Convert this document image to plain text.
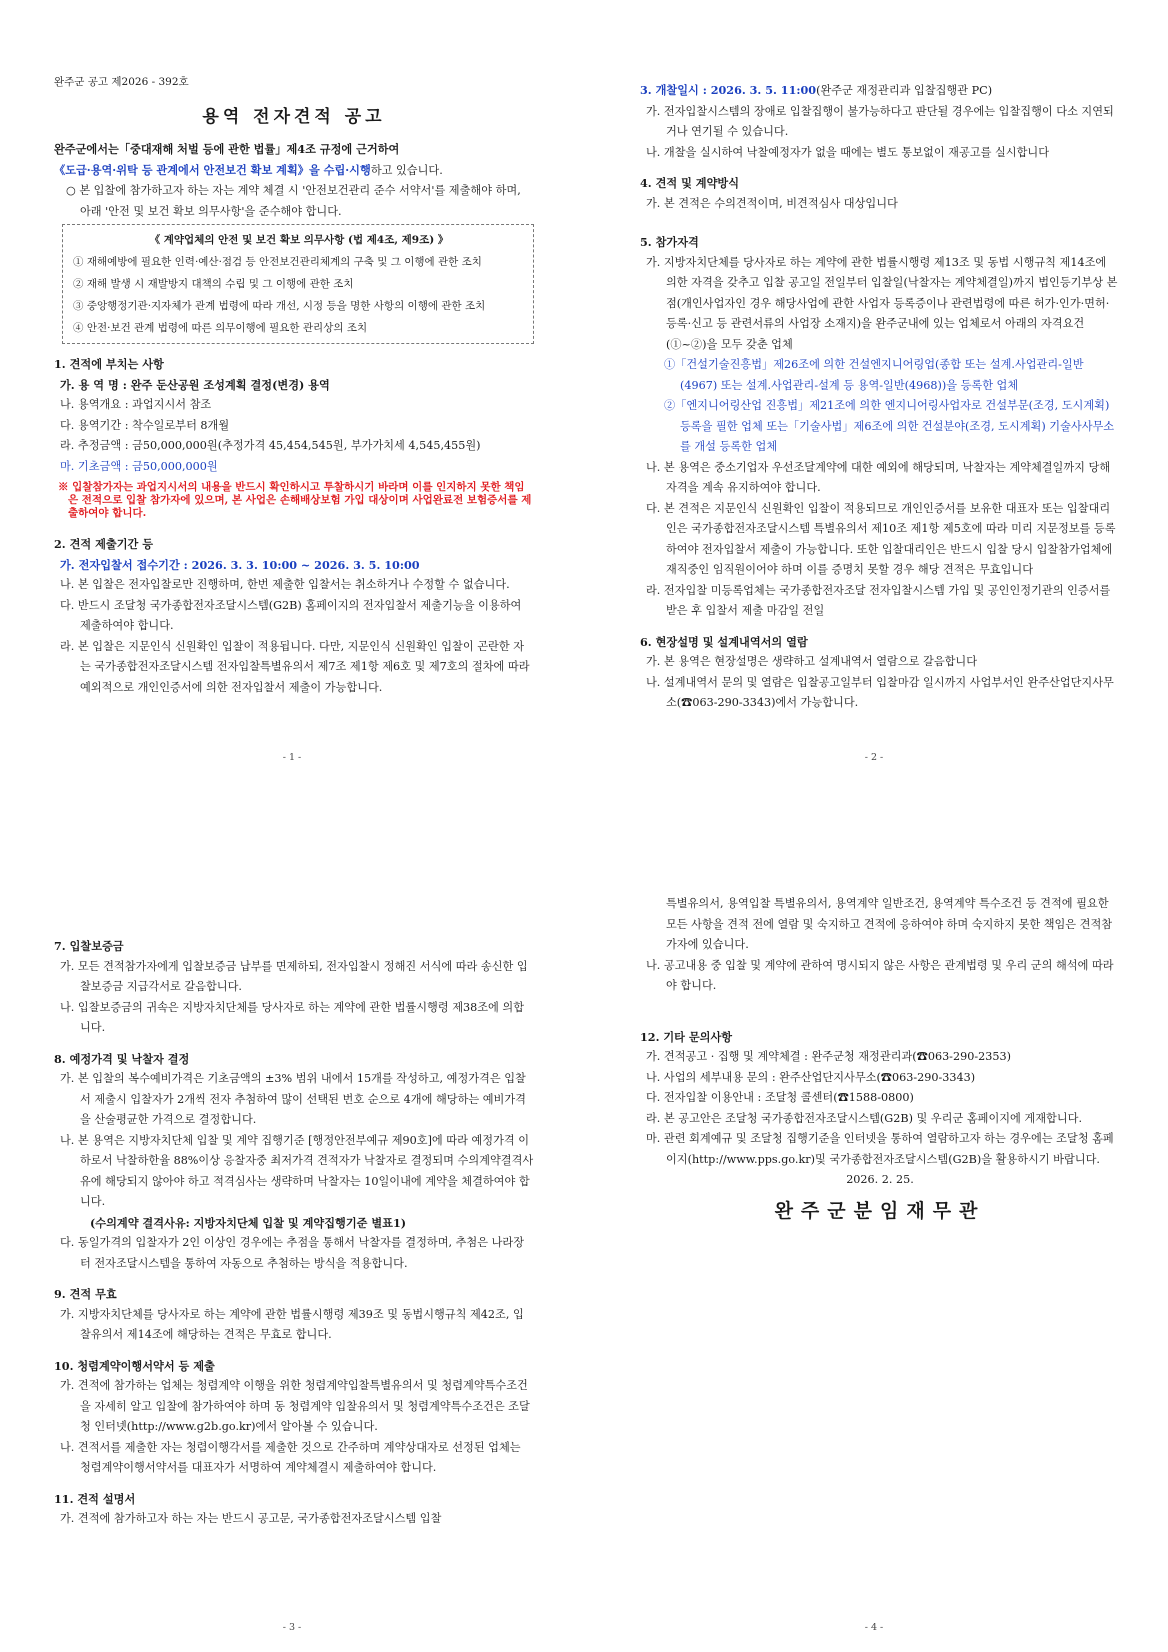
완주군 공고 제2026 - 392호

용역 전자견적 공고

완주군에서는「중대재해 처벌 등에 관한 법률」제4조 규정에 근거하여

《도급·용역·위탁 등 관계에서 안전보건 확보 계획》을 수립·시행하고 있습니다.

○ 본 입찰에 참가하고자 하는 자는 계약 체결 시 '안전보건관리 준수 서약서'를 제출해야 하며, 아래 '안전 및 보건 확보 의무사항'을 준수해야 합니다.

《 계약업체의 안전 및 보건 확보 의무사항 (법 제4조, 제9조) 》
① 재해예방에 필요한 인력·예산·점검 등 안전보건관리체계의 구축 및 그 이행에 관한 조치
② 재해 발생 시 재발방지 대책의 수립 및 그 이행에 관한 조치
③ 중앙행정기관·지자체가 관계 법령에 따라 개선, 시정 등을 명한 사항의 이행에 관한 조치
④ 안전·보건 관계 법령에 따른 의무이행에 필요한 관리상의 조치

1. 견적에 부치는 사항

가. 용 역 명 : 완주 둔산공원 조성계획 결정(변경) 용역

나. 용역개요 : 과업지시서 참조

다. 용역기간 : 착수일로부터 8개월

라. 추정금액 : 금50,000,000원(추정가격 45,454,545원, 부가가치세 4,545,455원)

마. 기초금액 : 금50,000,000원

※ 입찰참가자는 과업지시서의 내용을 반드시 확인하시고 투찰하시기 바라며 이를 인지하지 못한 책임은 전적으로 입찰 참가자에 있으며, 본 사업은 손해배상보험 가입 대상이며 사업완료전 보험증서를 제출하여야 합니다.

2. 견적 제출기간 등

가. 전자입찰서 접수기간 : 2026. 3. 3. 10:00 ~ 2026. 3. 5. 10:00

나. 본 입찰은 전자입찰로만 진행하며, 한번 제출한 입찰서는 취소하거나 수정할 수 없습니다.

다. 반드시 조달청 국가종합전자조달시스템(G2B) 홈페이지의 전자입찰서 제출기능을 이용하여 제출하여야 합니다.

라. 본 입찰은 지문인식 신원확인 입찰이 적용됩니다. 다만, 지문인식 신원확인 입찰이 곤란한 자는 국가종합전자조달시스템 전자입찰특별유의서 제7조 제1항 제6호 및 제7호의 절차에 따라 예외적으로 개인인증서에 의한 전자입찰서 제출이 가능합니다.

- 1 -

3. 개찰일시 : 2026. 3. 5. 11:00(완주군 재정관리과 입찰집행관 PC)

가. 전자입찰시스템의 장애로 입찰집행이 불가능하다고 판단될 경우에는 입찰집행이 다소 지연되거나 연기될 수 있습니다.

나. 개찰을 실시하여 낙찰예정자가 없을 때에는 별도 통보없이 재공고를 실시합니다

4. 견적 및 계약방식

가. 본 견적은 수의견적이며, 비견적심사 대상입니다

5. 참가자격

가. 지방자치단체를 당사자로 하는 계약에 관한 법률시행령 제13조 및 동법 시행규칙 제14조에 의한 자격을 갖추고 입찰 공고일 전일부터 입찰일(낙찰자는 계약체결일)까지 법인등기부상 본점(개인사업자인 경우 해당사업에 관한 사업자 등록증이나 관련법령에 따른 허가·인가·면허·등록·신고 등 관련서류의 사업장 소재지)을 완주군내에 있는 업체로서 아래의 자격요건(①~②)을 모두 갖춘 업체

①「건설기술진흥법」제26조에 의한 건설엔지니어링업(종합 또는 설계.사업관리-일반(4967) 또는 설계.사업관리-설계 등 용역-일반(4968))을 등록한 업체

②「엔지니어링산업 진흥법」제21조에 의한 엔지니어링사업자로 건설부문(조경, 도시계획) 등록을 필한 업체 또는「기술사법」제6조에 의한 건설분야(조경, 도시계획) 기술사사무소를 개설 등록한 업체

나. 본 용역은 중소기업자 우선조달계약에 대한 예외에 해당되며, 낙찰자는 계약체결일까지 당해 자격을 계속 유지하여야 합니다.

다. 본 견적은 지문인식 신원확인 입찰이 적용되므로 개인인증서를 보유한 대표자 또는 입찰대리인은 국가종합전자조달시스템 특별유의서 제10조 제1항 제5호에 따라 미리 지문정보를 등록하여야 전자입찰서 제출이 가능합니다. 또한 입찰대리인은 반드시 입찰 당시 입찰참가업체에 재직중인 임직원이어야 하며 이를 증명치 못할 경우 해당 견적은 무효입니다

라. 전자입찰 미등록업체는 국가종합전자조달 전자입찰시스템 가입 및 공인인정기관의 인증서를 받은 후 입찰서 제출 마감일 전일

6. 현장설명 및 설계내역서의 열람

가. 본 용역은 현장설명은 생략하고 설계내역서 열람으로 갈음합니다

나. 설계내역서 문의 및 열람은 입찰공고일부터 입찰마감 일시까지 사업부서인 완주산업단지사무소(☎063-290-3343)에서 가능합니다.

- 2 -

7. 입찰보증금

가. 모든 견적참가자에게 입찰보증금 납부를 면제하되, 전자입찰시 정해진 서식에 따라 송신한 입찰보증금 지급각서로 갈음합니다.

나. 입찰보증금의 귀속은 지방자치단체를 당사자로 하는 계약에 관한 법률시행령 제38조에 의합니다.

8. 예정가격 및 낙찰자 결정

가. 본 입찰의 복수예비가격은 기초금액의 ±3% 범위 내에서 15개를 작성하고, 예정가격은 입찰서 제출시 입찰자가 2개씩 전자 추첨하여 많이 선택된 번호 순으로 4개에 해당하는 예비가격을 산술평균한 가격으로 결정합니다.

나. 본 용역은 지방자치단체 입찰 및 계약 집행기준 [행정안전부예규 제90호]에 따라 예정가격 이하로서 낙찰하한율 88%이상 응찰자중 최저가격 견적자가 낙찰자로 결정되며 수의계약결격사유에 해당되지 않아야 하고 적격심사는 생략하며 낙찰자는 10일이내에 계약을 체결하여야 합니다.

(수의계약 결격사유: 지방자치단체 입찰 및 계약집행기준 별표1)

다. 동일가격의 입찰자가 2인 이상인 경우에는 추점을 통해서 낙찰자를 결정하며, 추첨은 나라장터 전자조달시스템을 통하여 자동으로 추첨하는 방식을 적용합니다.

9. 견적 무효

가. 지방자치단체를 당사자로 하는 계약에 관한 법률시행령 제39조 및 동법시행규칙 제42조, 입찰유의서 제14조에 해당하는 견적은 무효로 합니다.

10. 청렴계약이행서약서 등 제출

가. 견적에 참가하는 업체는 청렴계약 이행을 위한 청렴계약입찰특별유의서 및 청렴계약특수조건을 자세히 알고 입찰에 참가하여야 하며 동 청렴계약 입찰유의서 및 청렴계약특수조건은 조달청 인터넷(http://www.g2b.go.kr)에서 알아볼 수 있습니다.

나. 견적서를 제출한 자는 청렴이행각서를 제출한 것으로 간주하며 계약상대자로 선정된 업체는 청렴계약이행서약서를 대표자가 서명하여 계약체결시 제출하여야 합니다.

11. 견적 설명서

가. 견적에 참가하고자 하는 자는 반드시 공고문, 국가종합전자조달시스템 입찰

- 3 -

특별유의서, 용역입찰 특별유의서, 용역계약 일반조건, 용역계약 특수조건 등 견적에 필요한 모든 사항을 견적 전에 열람 및 숙지하고 견적에 응하여야 하며 숙지하지 못한 책임은 견적참가자에 있습니다.

나. 공고내용 중 입찰 및 계약에 관하여 명시되지 않은 사항은 관계법령 및 우리 군의 해석에 따라야 합니다.

12. 기타 문의사항

가. 견적공고 · 집행 및 계약체결 : 완주군청 재정관리과(☎063-290-2353)

나. 사업의 세부내용 문의 : 완주산업단지사무소(☎063-290-3343)

다. 전자입찰 이용안내 : 조달청 콜센터(☎1588-0800)

라. 본 공고안은 조달청 국가종합전자조달시스템(G2B) 및 우리군 홈페이지에 게재합니다.

마. 관련 회계예규 및 조달청 집행기준을 인터넷을 통하여 열람하고자 하는 경우에는 조달청 홈페이지(http://www.pps.go.kr)및 국가종합전자조달시스템(G2B)을 활용하시기 바랍니다.

2026. 2. 25.

완주군분임재무관

- 4 -
